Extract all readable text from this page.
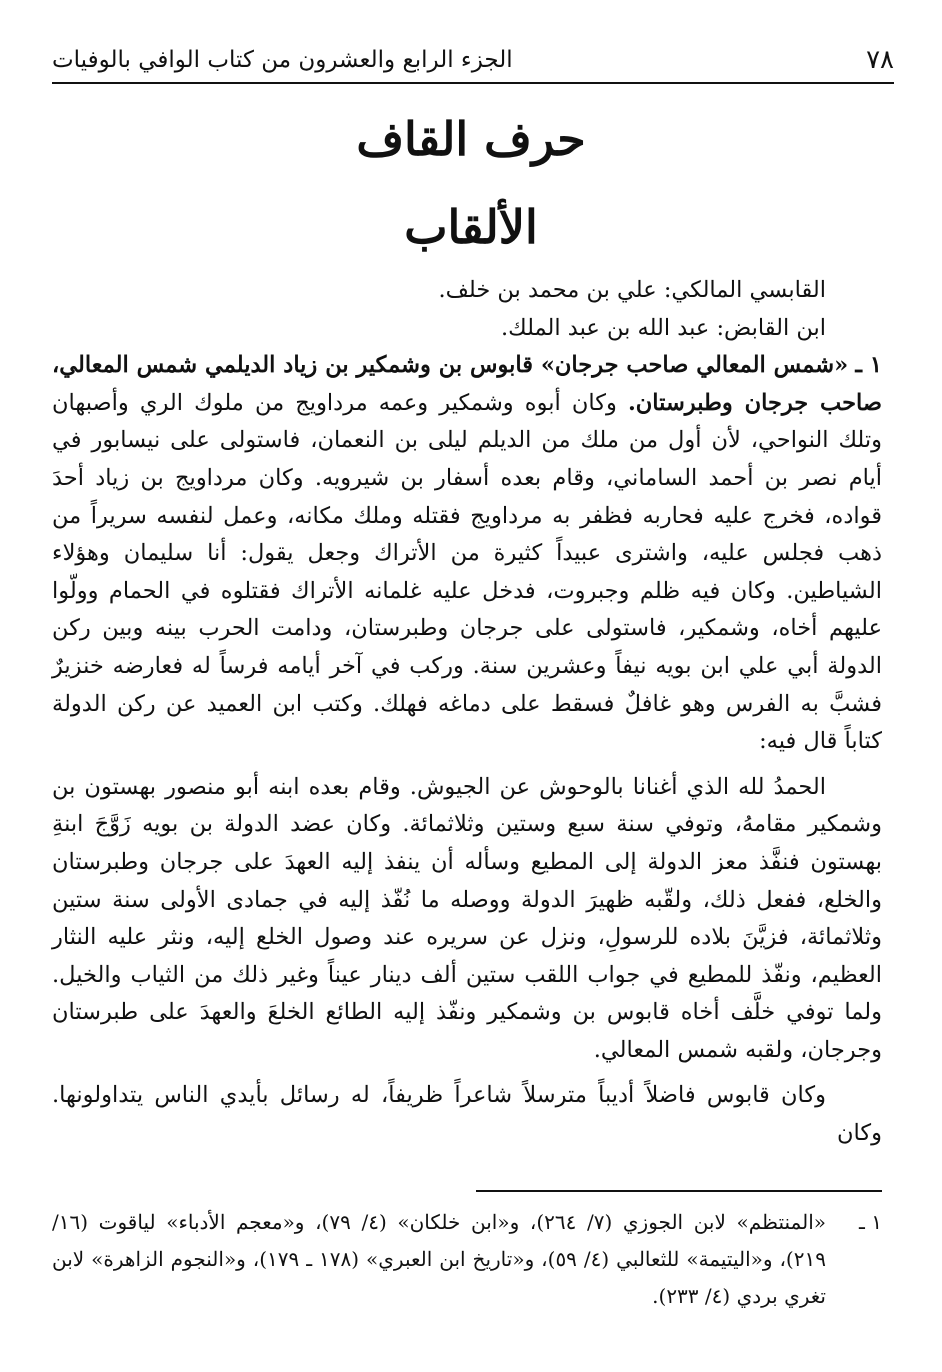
٧٨
الجزء الرابع والعشرون من كتاب الوافي بالوفيات
حرف القاف
الألقاب

القابسي المالكي: علي بن محمد بن خلف.

ابن القابض: عبد الله بن عبد الملك.

١ ـ «شمس المعالي صاحب جرجان» قابوس بن وشمكير بن زياد الديلمي شمس المعالي، صاحب جرجان وطبرستان. وكان أبوه وشمكير وعمه مرداويج من ملوك الري وأصبهان وتلك النواحي، لأن أول من ملك من الديلم ليلى بن النعمان، فاستولى على نيسابور في أيام نصر بن أحمد الساماني، وقام بعده أسفار بن شيرويه. وكان مرداويج بن زياد أحدَ قواده، فخرج عليه فحاربه فظفر به مرداويج فقتله وملك مكانه، وعمل لنفسه سريراً من ذهب فجلس عليه، واشترى عبيداً كثيرة من الأتراك وجعل يقول: أنا سليمان وهؤلاء الشياطين. وكان فيه ظلم وجبروت، فدخل عليه غلمانه الأتراك فقتلوه في الحمام وولّوا عليهم أخاه، وشمكير، فاستولى على جرجان وطبرستان، ودامت الحرب بينه وبين ركن الدولة أبي علي ابن بويه نيفاً وعشرين سنة. وركب في آخر أيامه فرساً له فعارضه خنزيرٌ فشبَّ به الفرس وهو غافلٌ فسقط على دماغه فهلك. وكتب ابن العميد عن ركن الدولة كتاباً قال فيه:

الحمدُ لله الذي أغنانا بالوحوش عن الجيوش. وقام بعده ابنه أبو منصور بهستون بن وشمكير مقامهُ، وتوفي سنة سبع وستين وثلاثمائة. وكان عضد الدولة بن بويه زَوَّجَ ابنةِ بهستون فنفَّذ معز الدولة إلى المطيع وسأله أن ينفذ إليه العهدَ على جرجان وطبرستان والخلع، ففعل ذلك، ولقّبه ظهيرَ الدولة ووصله ما نُفّذ إليه في جمادى الأولى سنة ستين وثلاثمائة، فزيَّنَ بلاده للرسولِ، ونزل عن سريره عند وصول الخلع إليه، ونثر عليه النثار العظيم، ونفّذ للمطيع في جواب اللقب ستين ألف دينار عيناً وغير ذلك من الثياب والخيل. ولما توفي خلَّف أخاه قابوس بن وشمكير ونفّذ إليه الطائع الخلعَ والعهدَ على طبرستان وجرجان، ولقبه شمس المعالي.

وكان قابوس فاضلاً أديباً مترسلاً شاعراً ظريفاً، له رسائل بأيدي الناس يتداولونها. وكان

١ ـ
«المنتظم» لابن الجوزي (٧/ ٢٦٤)، و«ابن خلكان» (٤/ ٧٩)، و«معجم الأدباء» لياقوت (١٦/ ٢١٩)، و«اليتيمة» للثعالبي (٤/ ٥٩)، و«تاريخ ابن العبري» (١٧٨ ـ ١٧٩)، و«النجوم الزاهرة» لابن تغري بردي (٤/ ٢٣٣).
